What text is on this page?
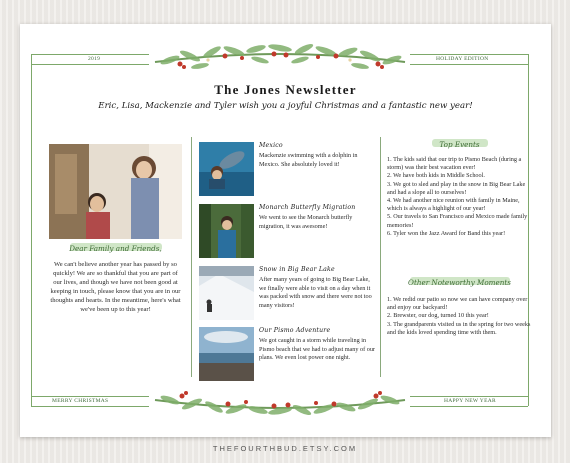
2019	HOLIDAY EDITION
MERRY CHRISTMAS	HAPPY NEW YEAR
The Jones Newsletter
Eric, Lisa, Mackenzie and Tyler wish you a joyful Christmas and a fantastic new year!
Dear Family and Friends,
We can't believe another year has passed by so quickly! We are so thankful that you are part of our lives, and though we have not been good at keeping in touch, please know that you are in our thoughts and hearts. In the meantime, here's what we've been up to this year!
Mexico
Mackenzie swimming with a dolphin in Mexico. She absolutely loved it!
Monarch Butterfly Migration
We went to see the Monarch butterfly migration, it was awesome!
Snow in Big Bear Lake
After many years of going to Big Bear Lake, we finally were able to visit on a day when it was packed with snow and there were not too many visitors!
Our Pismo Adventure
We got caught in a storm while traveling in Pismo beach that we had to adjust many of our plans. We even lost power one night.
Top Events
1. The kids said that our trip to Pismo Beach (during a storm) was their best vacation ever!
2. We have both kids in Middle School.
3. We got to sled and play in the snow in Big Bear Lake and had a slope all to ourselves!
4. We had another nice reunion with family in Maine, which is always a highlight of our year!
5. Our travels to San Francisco and Mexico made family memories!
6. Tyler won the Jazz Award for Band this year!
Other Noteworthy Moments
1. We redid our patio so now we can have company over and enjoy our backyard!
2. Brewster, our dog, turned 10 this year!
3. The grandparents visited us in the spring for two weeks and the kids loved spending time with them.
THEFOURTHBUD.ETSY.COM
